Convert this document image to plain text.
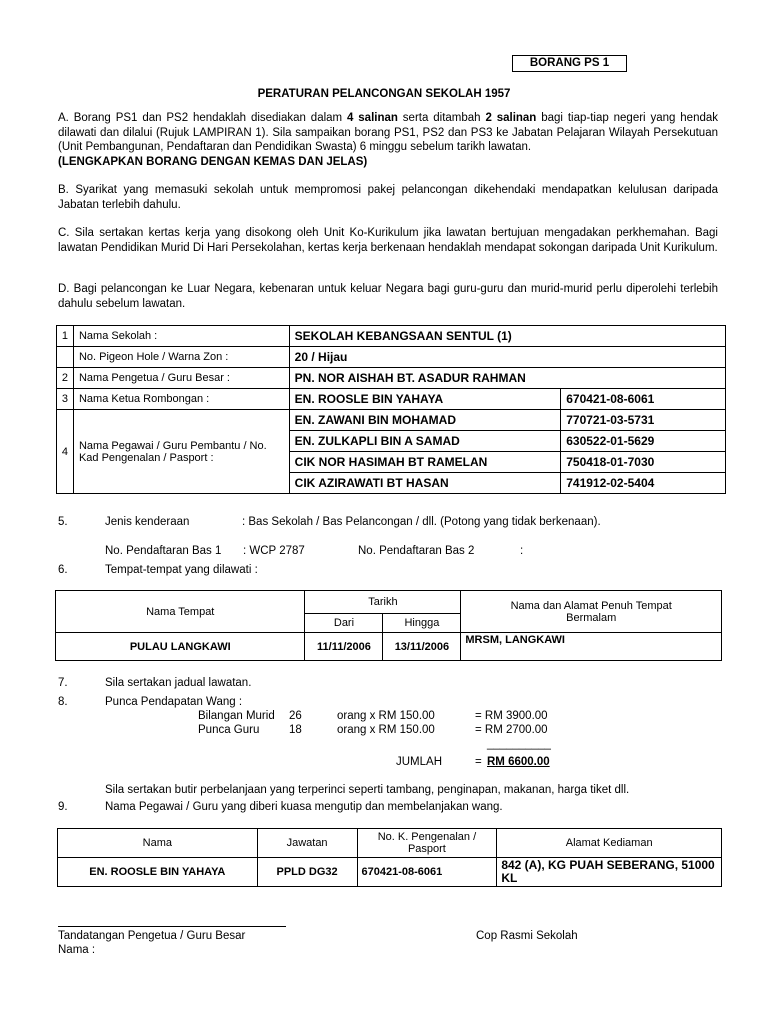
BORANG PS 1
PERATURAN PELANCONGAN SEKOLAH 1957
A. Borang PS1 dan PS2 hendaklah disediakan dalam 4 salinan serta ditambah 2 salinan bagi tiap-tiap negeri yang hendak dilawati dan dilalui (Rujuk LAMPIRAN 1). Sila sampaikan borang PS1, PS2 dan PS3 ke Jabatan Pelajaran Wilayah Persekutuan (Unit Pembangunan, Pendaftaran dan Pendidikan Swasta) 6 minggu sebelum tarikh lawatan.
(LENGKAPKAN BORANG DENGAN KEMAS DAN JELAS)
B. Syarikat yang memasuki sekolah untuk mempromosi pakej pelancongan dikehendaki mendapatkan kelulusan daripada Jabatan terlebih dahulu.
C. Sila sertakan kertas kerja yang disokong oleh Unit Ko-Kurikulum jika lawatan bertujuan mengadakan perkhemahan. Bagi lawatan Pendidikan Murid Di Hari Persekolahan, kertas kerja berkenaan hendaklah mendapat sokongan daripada Unit Kurikulum.
D. Bagi pelancongan ke Luar Negara, kebenaran untuk keluar Negara bagi guru-guru dan murid-murid perlu diperolehi terlebih dahulu sebelum lawatan.
1	Nama Sekolah :	SEKOLAH KEBANGSAAN SENTUL (1)	
	No. Pigeon Hole / Warna Zon :	20 / Hijau	
2	Nama Pengetua / Guru Besar :	PN. NOR AISHAH BT. ASADUR RAHMAN	
3	Nama Ketua Rombongan :	EN. ROOSLE BIN YAHAYA	670421-08-6061
4	Nama Pegawai / Guru Pembantu / No. Kad Pengenalan / Pasport :	EN. ZAWANI BIN MOHAMAD	770721-03-5731
		EN. ZULKAPLI BIN A SAMAD	630522-01-5629
		CIK NOR HASIMAH BT RAMELAN	750418-01-7030
		CIK AZIRAWATI BT HASAN	741912-02-5404
5.	Jenis kenderaan	: Bas Sekolah / Bas Pelancongan / dll. (Potong yang tidak berkenaan).
No. Pendaftaran Bas 1 : WCP 2787	No. Pendaftaran Bas 2	:
6.	Tempat-tempat yang dilawati :
Nama Tempat	Tarikh		Nama dan Alamat Penuh Tempat Bermalam
	Dari	Hingga	
PULAU LANGKAWI	11/11/2006	13/11/2006	MRSM, LANGKAWI
7.	Sila sertakan jadual lawatan.
8.	Punca Pendapatan Wang :
Bilangan Murid 26	orang x RM 150.00	= RM 3900.00
Punca Guru	18	orang x RM 150.00	= RM 2700.00
__________
JUMLAH	= RM 6600.00
Sila sertakan butir perbelanjaan yang terperinci seperti tambang, penginapan, makanan, harga tiket dll.
9.	Nama Pegawai / Guru yang diberi kuasa mengutip dan membelanjakan wang.
Nama	Jawatan	No. K. Pengenalan / Pasport	Alamat Kediaman
EN. ROOSLE BIN YAHAYA	PPLD DG32	670421-08-6061	842 (A), KG PUAH SEBERANG, 51000 KL
Tandatangan Pengetua / Guru Besar
Nama :
Cop Rasmi Sekolah
